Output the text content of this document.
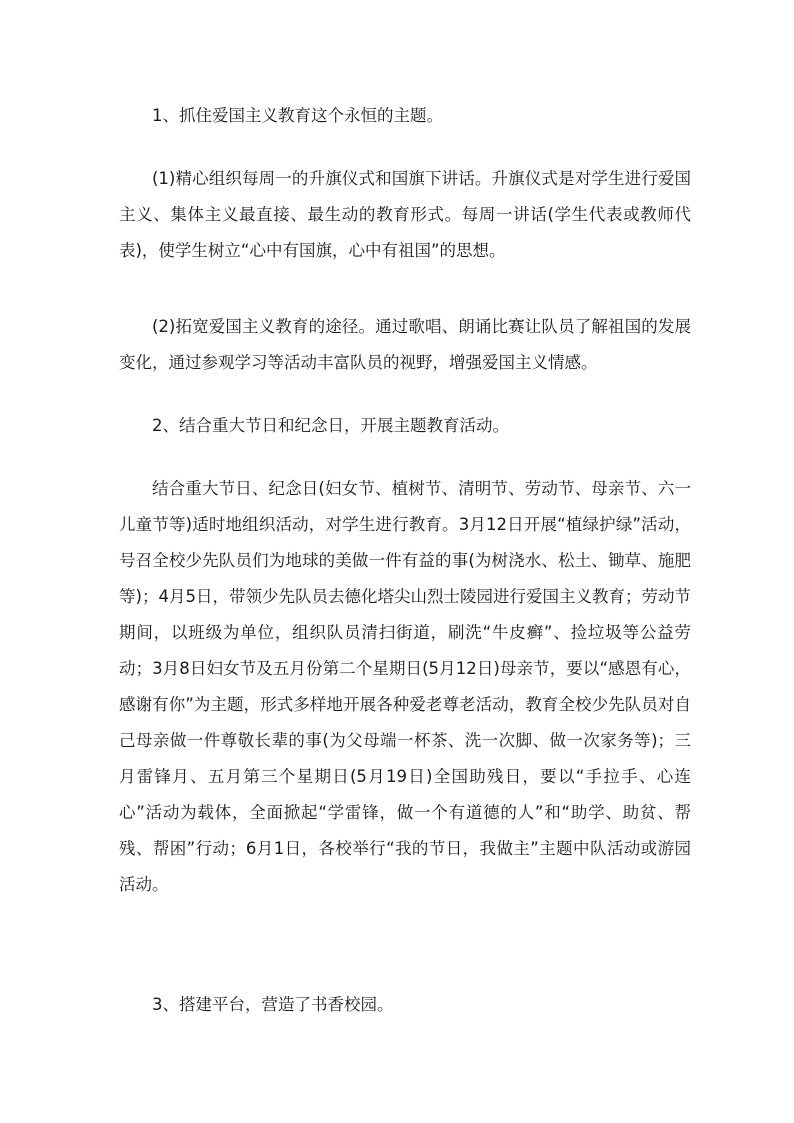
1、抓住爱国主义教育这个永恒的主题。

(1)精心组织每周一的升旗仪式和国旗下讲话。升旗仪式是对学生进行爱国主义、集体主义最直接、最生动的教育形式。每周一讲话(学生代表或教师代表)，使学生树立“心中有国旗，心中有祖国”的思想。

(2)拓宽爱国主义教育的途径。通过歌唱、朗诵比赛让队员了解祖国的发展变化，通过参观学习等活动丰富队员的视野，增强爱国主义情感。

2、结合重大节日和纪念日，开展主题教育活动。

结合重大节日、纪念日(妇女节、植树节、清明节、劳动节、母亲节、六一儿童节等)适时地组织活动，对学生进行教育。3月12日开展“植绿护绿”活动，号召全校少先队员们为地球的美做一件有益的事(为树浇水、松土、锄草、施肥等)；4月5日，带领少先队员去德化塔尖山烈士陵园进行爱国主义教育；劳动节期间，以班级为单位，组织队员清扫街道，刷洗“牛皮癣”、捡垃圾等公益劳动；3月8日妇女节及五月份第二个星期日(5月12日)母亲节，要以“感恩有心，感谢有你”为主题，形式多样地开展各种爱老尊老活动，教育全校少先队员对自己母亲做一件尊敬长辈的事(为父母端一杯茶、洗一次脚、做一次家务等)；三月雷锋月、五月第三个星期日(5月19日)全国助残日，要以“手拉手、心连心”活动为载体，全面掀起“学雷锋，做一个有道德的人”和“助学、助贫、帮残、帮困”行动；6月1日，各校举行“我的节日，我做主”主题中队活动或游园活动。

3、搭建平台，营造了书香校园。
